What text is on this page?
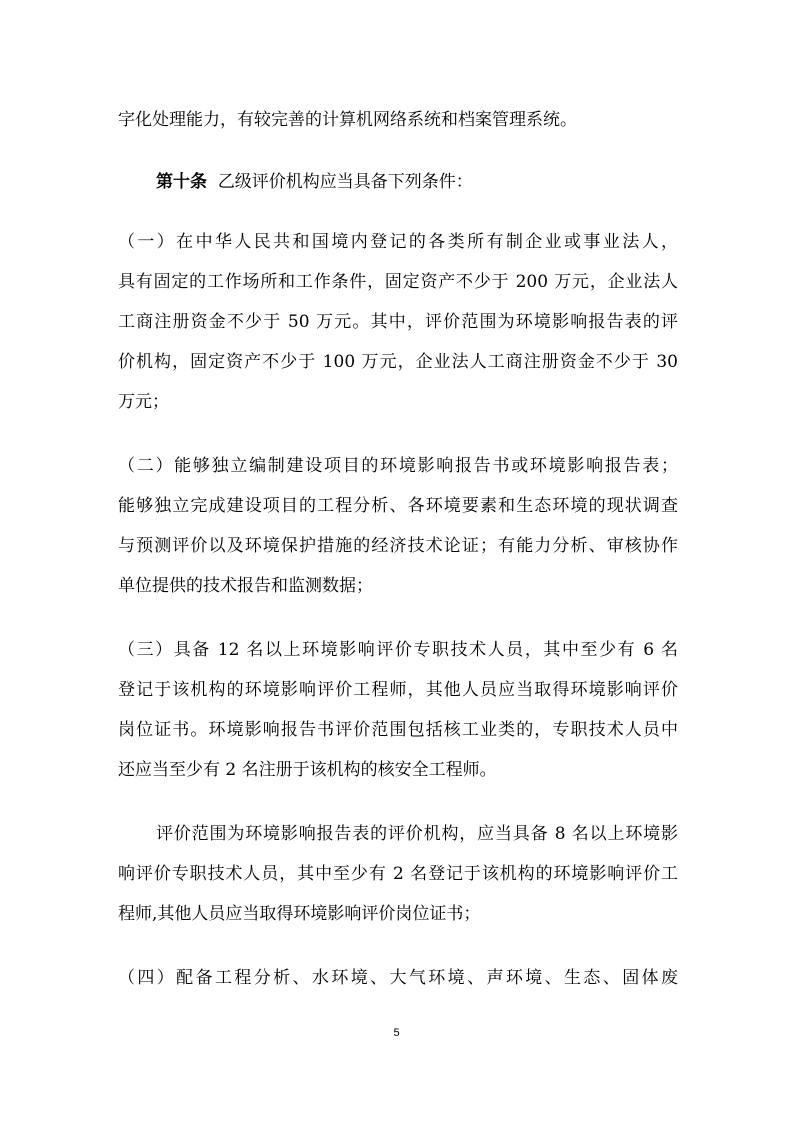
字化处理能力，有较完善的计算机网络系统和档案管理系统。

第十条 乙级评价机构应当具备下列条件：

（一）在中华人民共和国境内登记的各类所有制企业或事业法人，

具有固定的工作场所和工作条件，固定资产不少于 200 万元，企业法人

工商注册资金不少于 50 万元。其中，评价范围为环境影响报告表的评

价机构，固定资产不少于 100 万元，企业法人工商注册资金不少于 30

万元；

（二）能够独立编制建设项目的环境影响报告书或环境影响报告表；

能够独立完成建设项目的工程分析、各环境要素和生态环境的现状调查

与预测评价以及环境保护措施的经济技术论证；有能力分析、审核协作

单位提供的技术报告和监测数据；

（三）具备 12 名以上环境影响评价专职技术人员，其中至少有 6 名

登记于该机构的环境影响评价工程师，其他人员应当取得环境影响评价

岗位证书。环境影响报告书评价范围包括核工业类的，专职技术人员中

还应当至少有 2 名注册于该机构的核安全工程师。

评价范围为环境影响报告表的评价机构，应当具备 8 名以上环境影

响评价专职技术人员，其中至少有 2 名登记于该机构的环境影响评价工

程师,其他人员应当取得环境影响评价岗位证书；

（四）配备工程分析、水环境、大气环境、声环境、生态、固体废

5
